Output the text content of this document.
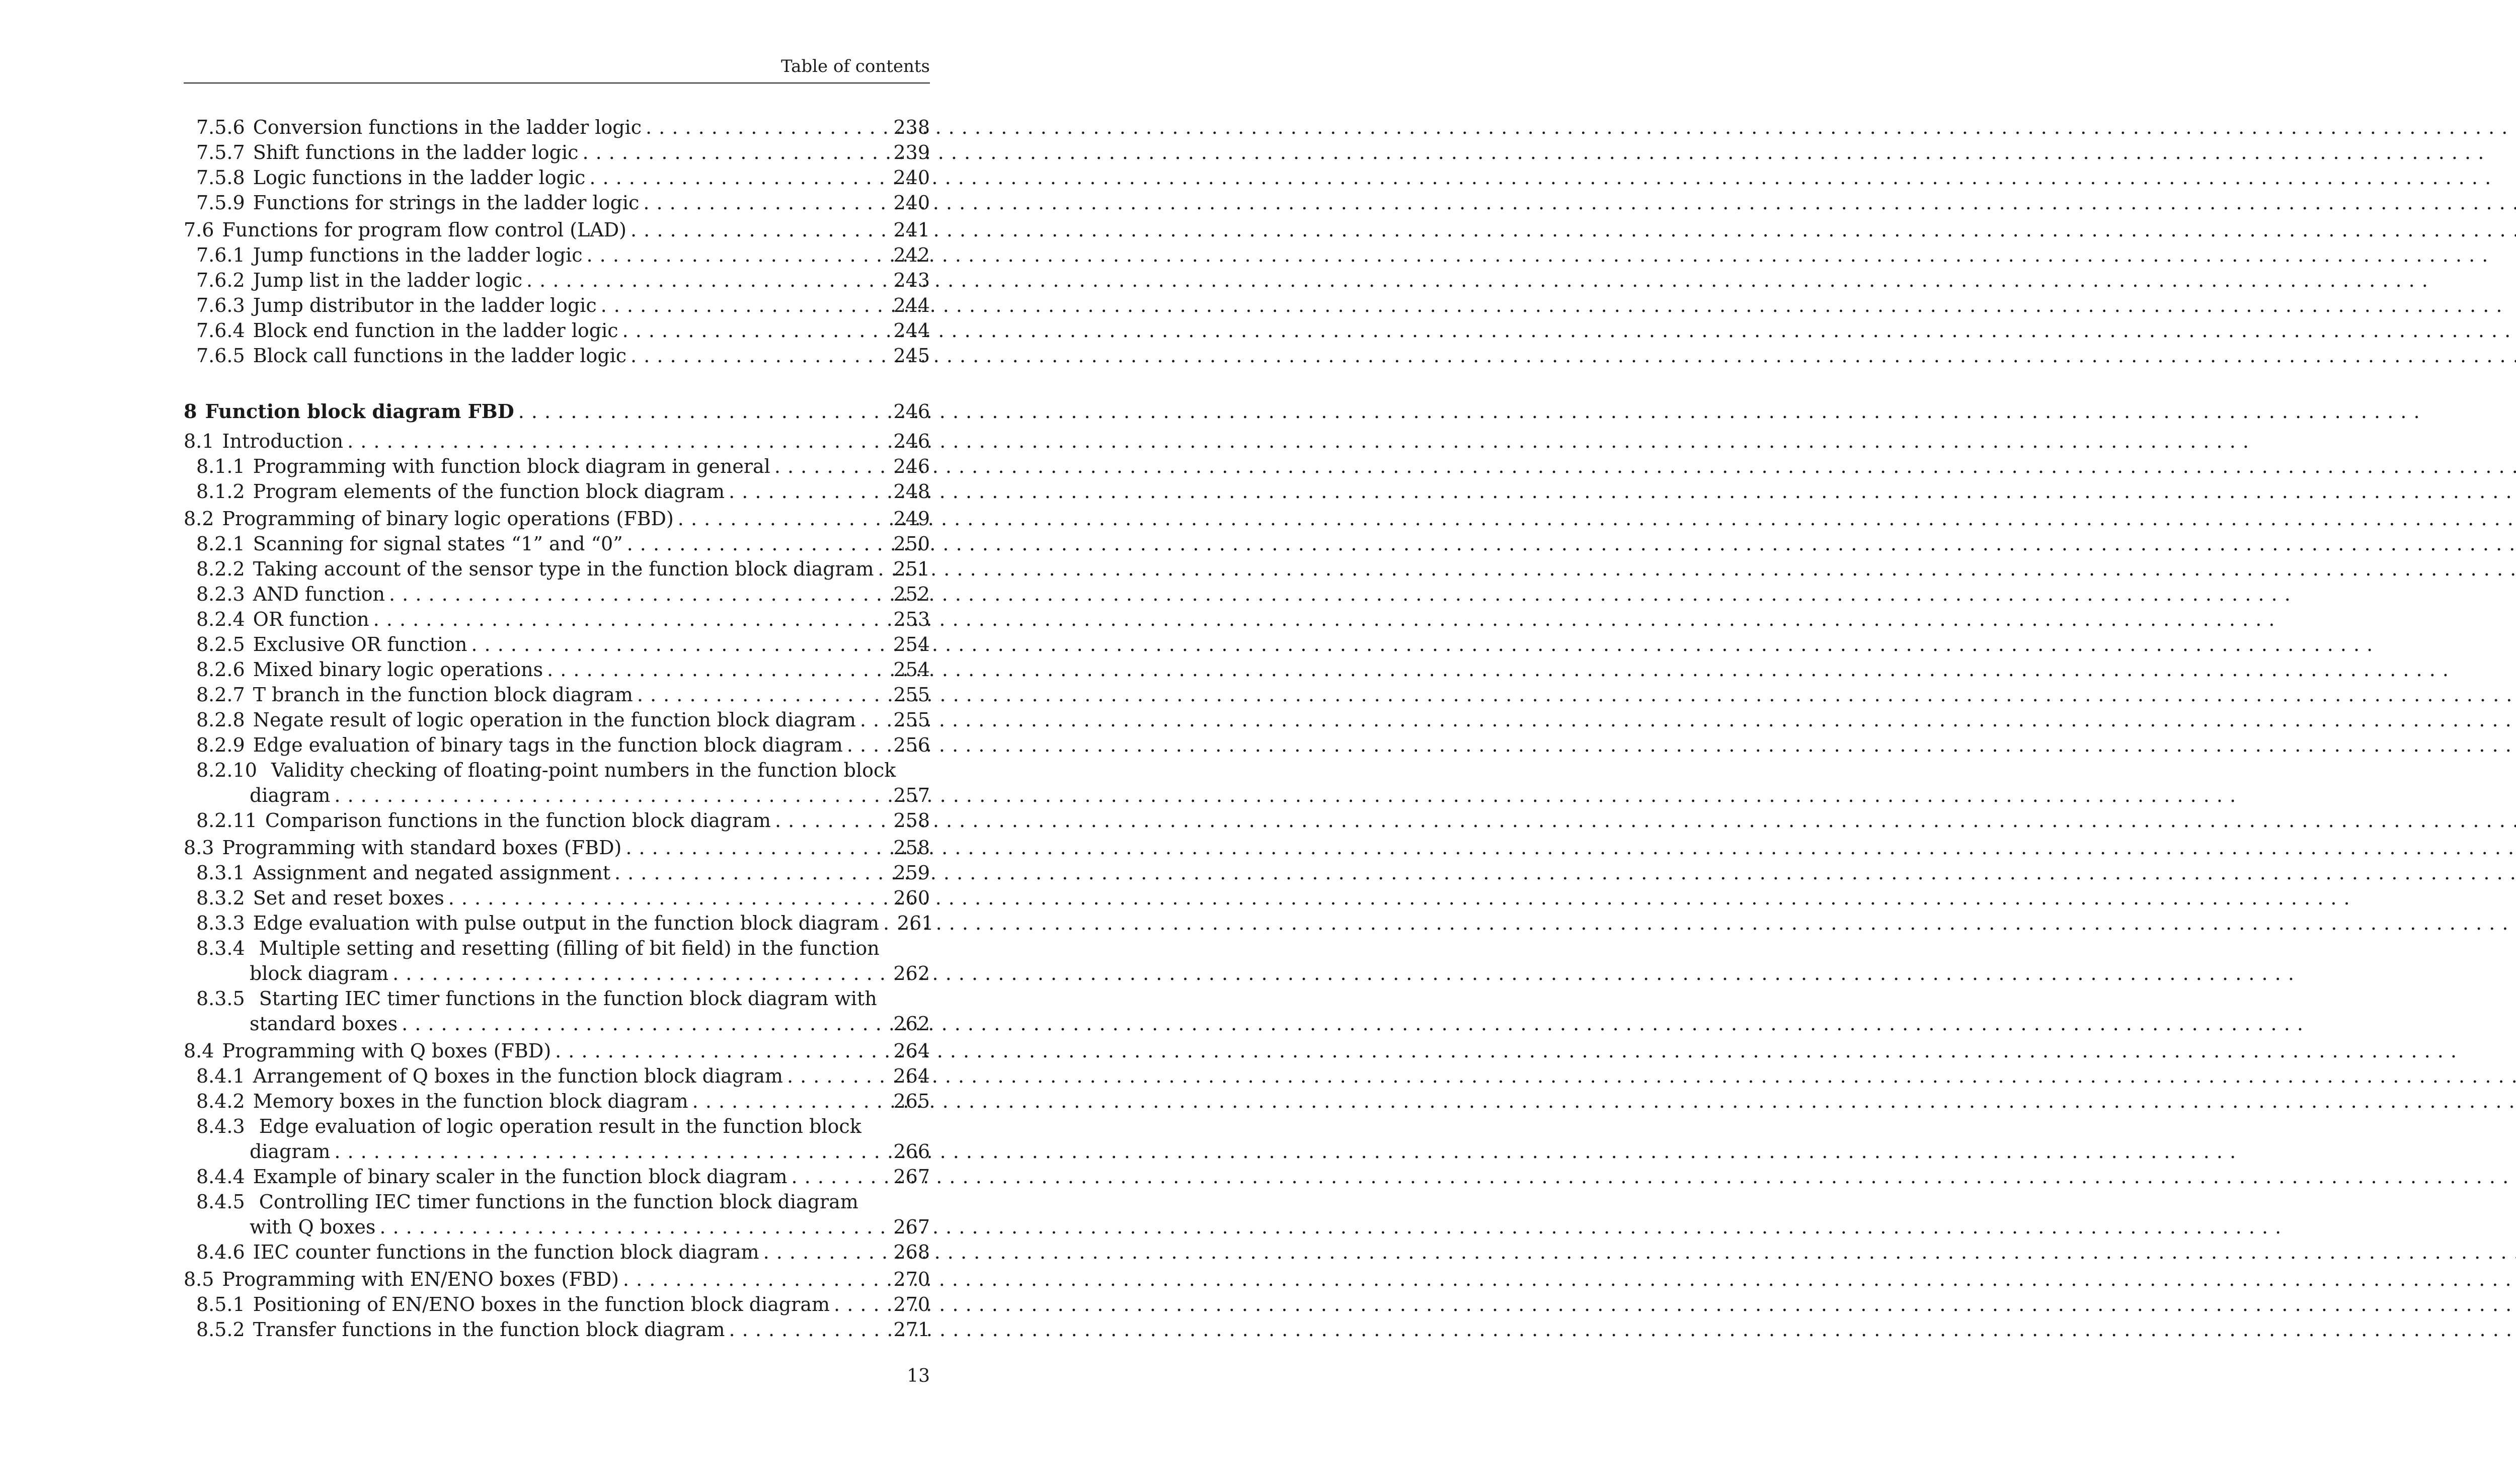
Table of contents
7.5.6 Conversion functions in the ladder logic . . .	238
7.5.7 Shift functions in the ladder logic . . .	239
7.5.8 Logic functions in the ladder logic . . .	240
7.5.9 Functions for strings in the ladder logic . . .	240
7.6 Functions for program flow control (LAD) . . .	241
7.6.1 Jump functions in the ladder logic . . .	242
7.6.2 Jump list in the ladder logic . . .	243
7.6.3 Jump distributor in the ladder logic . . .	244
7.6.4 Block end function in the ladder logic . . .	244
7.6.5 Block call functions in the ladder logic . . .	245
8 Function block diagram FBD . . .	246
8.1 Introduction . . .	246
8.1.1 Programming with function block diagram in general . . .	246
8.1.2 Program elements of the function block diagram . . .	248
8.2 Programming of binary logic operations (FBD) . . .	249
8.2.1 Scanning for signal states “1” and “0” . . .	250
8.2.2 Taking account of the sensor type in the function block diagram . . . 251
8.2.3 AND function . . .	252
8.2.4 OR function . . .	253
8.2.5 Exclusive OR function . . .	254
8.2.6 Mixed binary logic operations . . .	254
8.2.7 T branch in the function block diagram . . .	255
8.2.8 Negate result of logic operation in the function block diagram . . . 255
8.2.9 Edge evaluation of binary tags in the function block diagram . . .	256
8.2.10 Validity checking of floating-point numbers in the function block
diagram . . .	257
8.2.11 Comparison functions in the function block diagram . . .	258
8.3 Programming with standard boxes (FBD) . . .	258
8.3.1 Assignment and negated assignment . . .	259
8.3.2 Set and reset boxes . . .	260
8.3.3 Edge evaluation with pulse output in the function block diagram . . . 261
8.3.4 Multiple setting and resetting (filling of bit field) in the function
block diagram . . .	262
8.3.5 Starting IEC timer functions in the function block diagram with
standard boxes . . .	262
8.4 Programming with Q boxes (FBD) . . .	264
8.4.1 Arrangement of Q boxes in the function block diagram . . .	264
8.4.2 Memory boxes in the function block diagram . . .	265
8.4.3 Edge evaluation of logic operation result in the function block
diagram . . .	266
8.4.4 Example of binary scaler in the function block diagram . . .	267
8.4.5 Controlling IEC timer functions in the function block diagram
with Q boxes . . .	267
8.4.6 IEC counter functions in the function block diagram . . .	268
8.5 Programming with EN/ENO boxes (FBD) . . .	270
8.5.1 Positioning of EN/ENO boxes in the function block diagram . . .	270
8.5.2 Transfer functions in the function block diagram . . .	271
13
